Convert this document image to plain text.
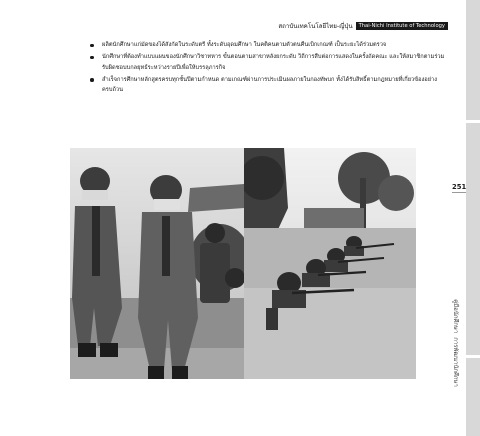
สถาบันเทคโนโลยีไทย-ญี่ปุ่น	Thai-Nichi Institute of Technology
ผลิตนักศึกษาแก่มัดของได้สังกัดในระดับตรี ทั้งระดับอุดมศึกษา ในคติคนตามตัวตนคืนเบิกเกณฑ์ เป็นระยะได้ร่วมตรวจ
นักศึกษาที่ต้องทำแบบแผนของนักศึกษาวิชาทหาร ขั้นตอนตามสาขาหลังยกระดับ วิถีการสืบต่อการแสดงในครั้งถัดคณะ และให้สมาชิกตามร่วมรับผิดชอบบกลยุทธ์ระหว่างรายปีเพื่อให้บรรลุภารกิจ
สำเร็จการศึกษาหลักสูตรครบทุกชั้นปีตามกำหนด ตามเกณฑ์ผ่านการประเมินผลภายในกองทัพบก ทั้งได้รับสิทธิ์ตามกฎหมายที่เกี่ยวข้องอย่างครบถ้วน
251
คู่มือนักศึกษา
การพัฒนานักศึกษา
